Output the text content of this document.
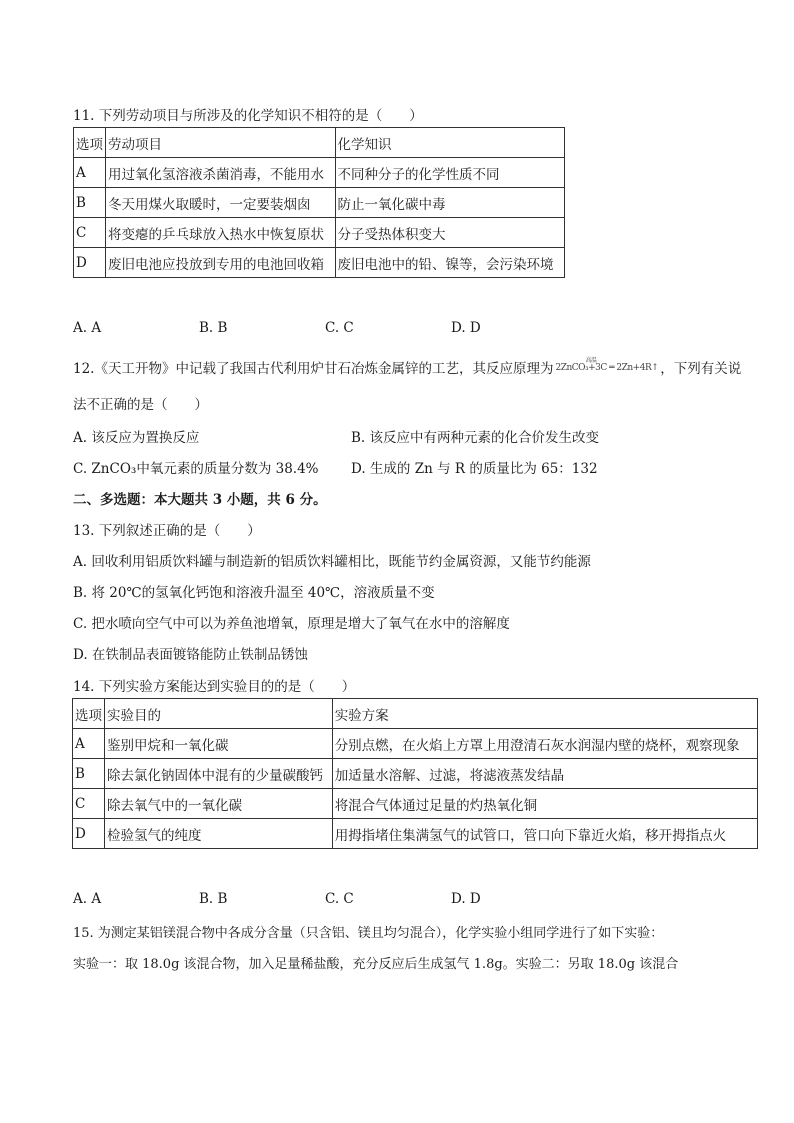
11. 下列劳动项目与所涉及的化学知识不相符的是（　　）
选项	劳动项目	化学知识
A	用过氧化氢溶液杀菌消毒，不能用水	不同种分子的化学性质不同
B	冬天用煤火取暖时，一定要装烟囱	防止一氧化碳中毒
C	将变瘪的乒乓球放入热水中恢复原状	分子受热体积变大
D	废旧电池应投放到专用的电池回收箱	废旧电池中的铅、镍等，会污染环境
A. A	B. B	C. C	D. D
12.《天工开物》中记载了我国古代利用炉甘石冶炼金属锌的工艺，其反应原理为
高温
2ZnCO₃+3C ═ 2Zn+4R↑ ，下列有关说
法不正确的是（　　）
A. 该反应为置换反应	B. 该反应中有两种元素的化合价发生改变
C. ZnCO₃中氧元素的质量分数为 38.4%	D. 生成的 Zn 与 R 的质量比为 65：132
二、多选题：本大题共 3 小题，共 6 分。
13. 下列叙述正确的是（　　）
A. 回收利用铝质饮料罐与制造新的铝质饮料罐相比，既能节约金属资源，又能节约能源
B. 将 20℃的氢氧化钙饱和溶液升温至 40℃，溶液质量不变
C. 把水喷向空气中可以为养鱼池增氧，原理是增大了氧气在水中的溶解度
D. 在铁制品表面镀铬能防止铁制品锈蚀
14. 下列实验方案能达到实验目的的是（　　）
选项	实验目的	实验方案
A	鉴别甲烷和一氧化碳	分别点燃，在火焰上方罩上用澄清石灰水润湿内壁的烧杯，观察现象
B	除去氯化钠固体中混有的少量碳酸钙	加适量水溶解、过滤，将滤液蒸发结晶
C	除去氧气中的一氧化碳	将混合气体通过足量的灼热氧化铜
D	检验氢气的纯度	用拇指堵住集满氢气的试管口，管口向下靠近火焰，移开拇指点火
A. A	B. B	C. C	D. D
15. 为测定某铝镁混合物中各成分含量（只含铝、镁且均匀混合），化学实验小组同学进行了如下实验：
实验一：取 18.0g 该混合物，加入足量稀盐酸，充分反应后生成氢气 1.8g。实验二：另取 18.0g 该混合
